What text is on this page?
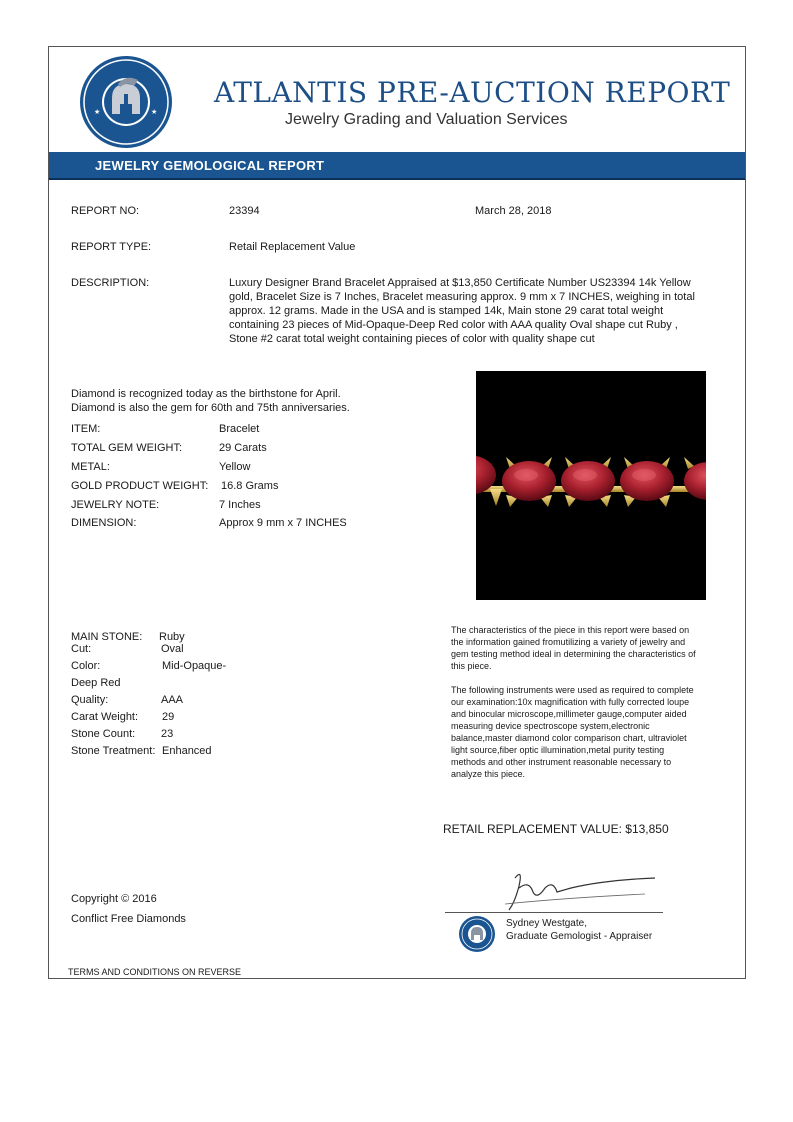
★	★
ATLANTIS PRE-AUCTION REPORT
Jewelry Grading and Valuation Services
JEWELRY GEMOLOGICAL REPORT
REPORT NO:	23394	March 28, 2018
REPORT TYPE:	Retail Replacement Value
DESCRIPTION:	Luxury Designer Brand Bracelet Appraised at $13,850 Certificate Number US23394 14k Yellow
gold, Bracelet Size is 7 Inches, Bracelet measuring approx. 9 mm x 7 INCHES, weighing in total
approx. 12 grams. Made in the USA and is stamped 14k, Main stone 29 carat total weight
containing 23 pieces of Mid-Opaque-Deep Red color with AAA quality Oval shape cut Ruby ,
Stone #2 carat total weight containing pieces of color with quality shape cut
Diamond is recognized today as the birthstone for April.
Diamond is also the gem for 60th and 75th anniversaries.
ITEM:	Bracelet
TOTAL GEM WEIGHT:	29 Carats
METAL:	Yellow
GOLD PRODUCT WEIGHT: 16.8 Grams
JEWELRY NOTE:	7 Inches
DIMENSION:	Approx 9 mm x 7 INCHES
MAIN STONE: Ruby
Cut:	Oval
Color:	Mid-Opaque-
Deep Red
Quality:	AAA
Carat Weight: 29
Stone Count: 23
Stone Treatment: Enhanced
The characteristics of the piece in this report were based on
the information gained fromutilizing a variety of jewelry and
gem testing method ideal in determining the characteristics of
this piece.
The following instruments were used as required to complete
our examination:10x magnification with fully corrected loupe
and binocular microscope,millimeter gauge,computer aided
measuring device spectroscope system,electronic
balance,master diamond color comparison chart, ultraviolet
light source,fiber optic illumination,metal purity testing
methods and other instrument reasonable necessary to
analyze this piece.
RETAIL REPLACEMENT VALUE: $13,850
Copyright © 2016
Conflict Free Diamonds	Sydney Westgate,
Graduate Gemologist - Appraiser
TERMS AND CONDITIONS ON REVERSE
